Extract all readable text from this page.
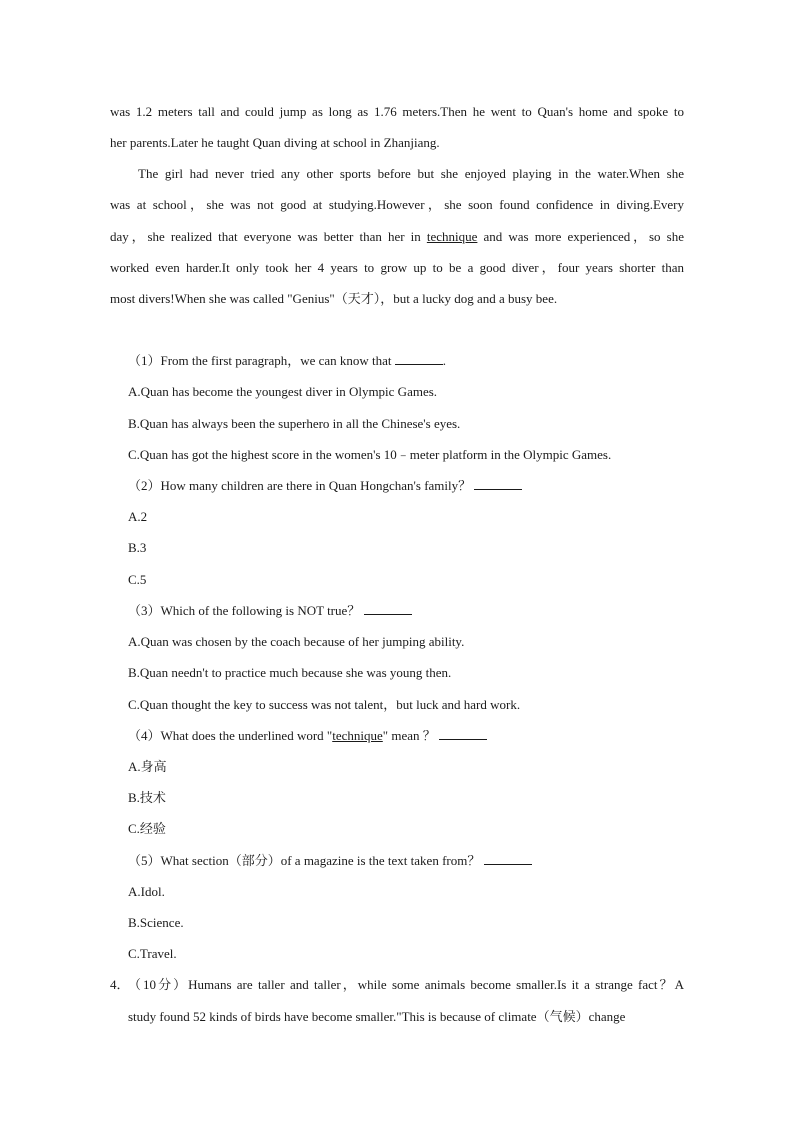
was 1.2 meters tall and could jump as long as 1.76 meters.Then he went to Quan's home and spoke to
her parents.Later he taught Quan diving at school in Zhanjiang.
The girl had never tried any other sports before but she enjoyed playing in the water.When she
was at school，she was not good at studying.However，she soon found confidence in diving.Every
day，she realized that everyone was better than her in technique and was more experienced，so she
worked even harder.It only took her 4 years to grow up to be a good diver，four years shorter than
most divers!When she was called "Genius"（天才），but a lucky dog and a busy bee.
（1）From the first paragraph，we can know that	.
A.Quan has become the youngest diver in Olympic Games.
B.Quan has always been the superhero in all the Chinese's eyes.
C.Quan has got the highest score in the women's 10﹣meter platform in the Olympic Games.
（2）How many children are there in Quan Hongchan's family？
A.2
B.3
C.5
（3）Which of the following is NOT true？
A.Quan was chosen by the coach because of her jumping ability.
B.Quan needn't to practice much because she was young then.
C.Quan thought the key to success was not talent，but luck and hard work.
（4）What does the underlined word "technique" mean ？
A.身高
B.技术
C.经验
（5）What section（部分）of a magazine is the text taken from？
A.Idol.
B.Science.
C.Travel.
4．
（10分）Humans are taller and taller，while some animals become smaller.Is it a strange fact？A
study found 52 kinds of birds have become smaller."This is because of climate（气候）change
